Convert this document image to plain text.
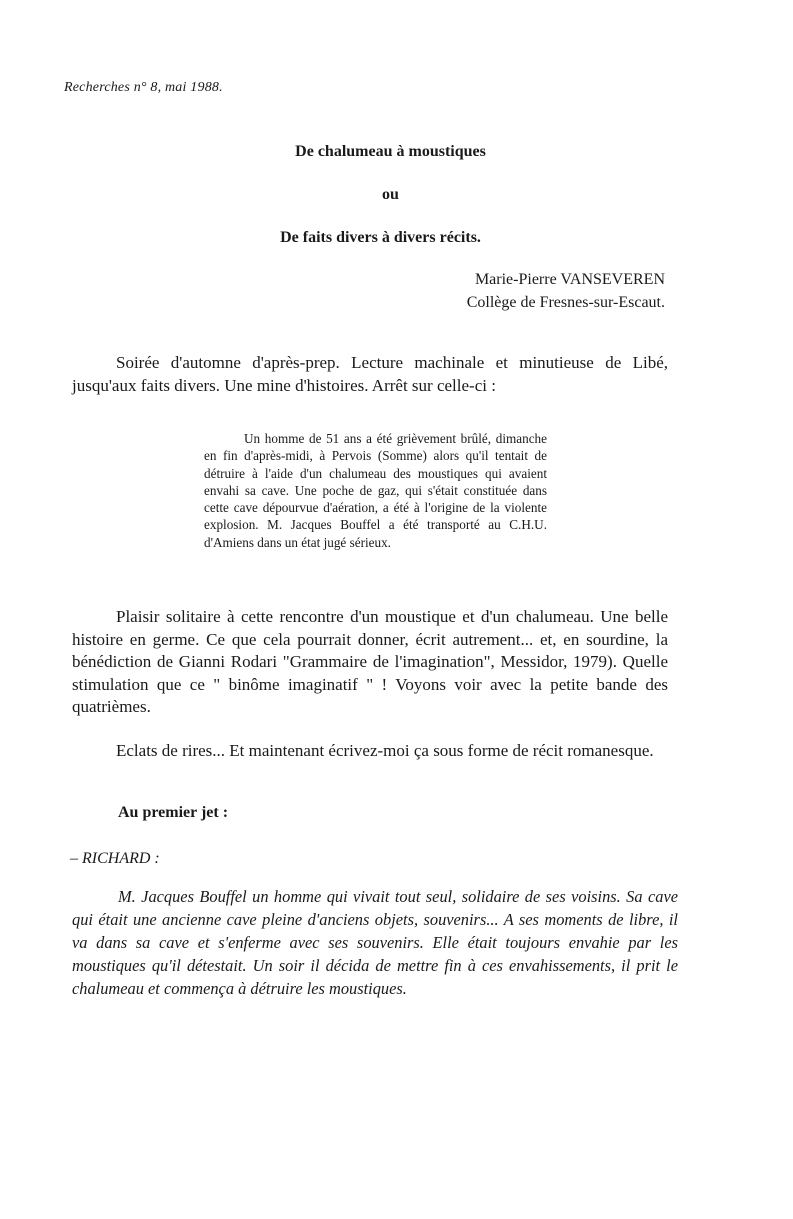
Recherches n° 8, mai 1988.
De chalumeau à moustiques
ou
De faits divers à divers récits.
Marie-Pierre VANSEVEREN
Collège de Fresnes-sur-Escaut.
Soirée d'automne d'après-prep. Lecture machinale et minutieuse de Libé, jusqu'aux faits divers. Une mine d'histoires. Arrêt sur celle-ci :
Un homme de 51 ans a été grièvement brûlé, dimanche en fin d'après-midi, à Pervois (Somme) alors qu'il tentait de détruire à l'aide d'un chalumeau des moustiques qui avaient envahi sa cave. Une poche de gaz, qui s'était constituée dans cette cave dépourvue d'aération, a été à l'origine de la violente explosion. M. Jacques Bouffel a été transporté au C.H.U. d'Amiens dans un état jugé sérieux.
Plaisir solitaire à cette rencontre d'un moustique et d'un chalumeau. Une belle histoire en germe. Ce que cela pourrait donner, écrit autrement... et, en sourdine, la bénédiction de Gianni Rodari "Grammaire de l'imagination", Messidor, 1979). Quelle stimulation que ce " binôme imaginatif " ! Voyons voir avec la petite bande des quatrièmes.
Eclats de rires... Et maintenant écrivez-moi ça sous forme de récit romanesque.
Au premier jet :
– RICHARD :
M. Jacques Bouffel un homme qui vivait tout seul, solidaire de ses voisins. Sa cave qui était une ancienne cave pleine d'anciens objets, souvenirs... A ses moments de libre, il va dans sa cave et s'enferme avec ses souvenirs. Elle était toujours envahie par les moustiques qu'il détestait. Un soir il décida de mettre fin à ces envahissements, il prit le chalumeau et commença à détruire les moustiques.
